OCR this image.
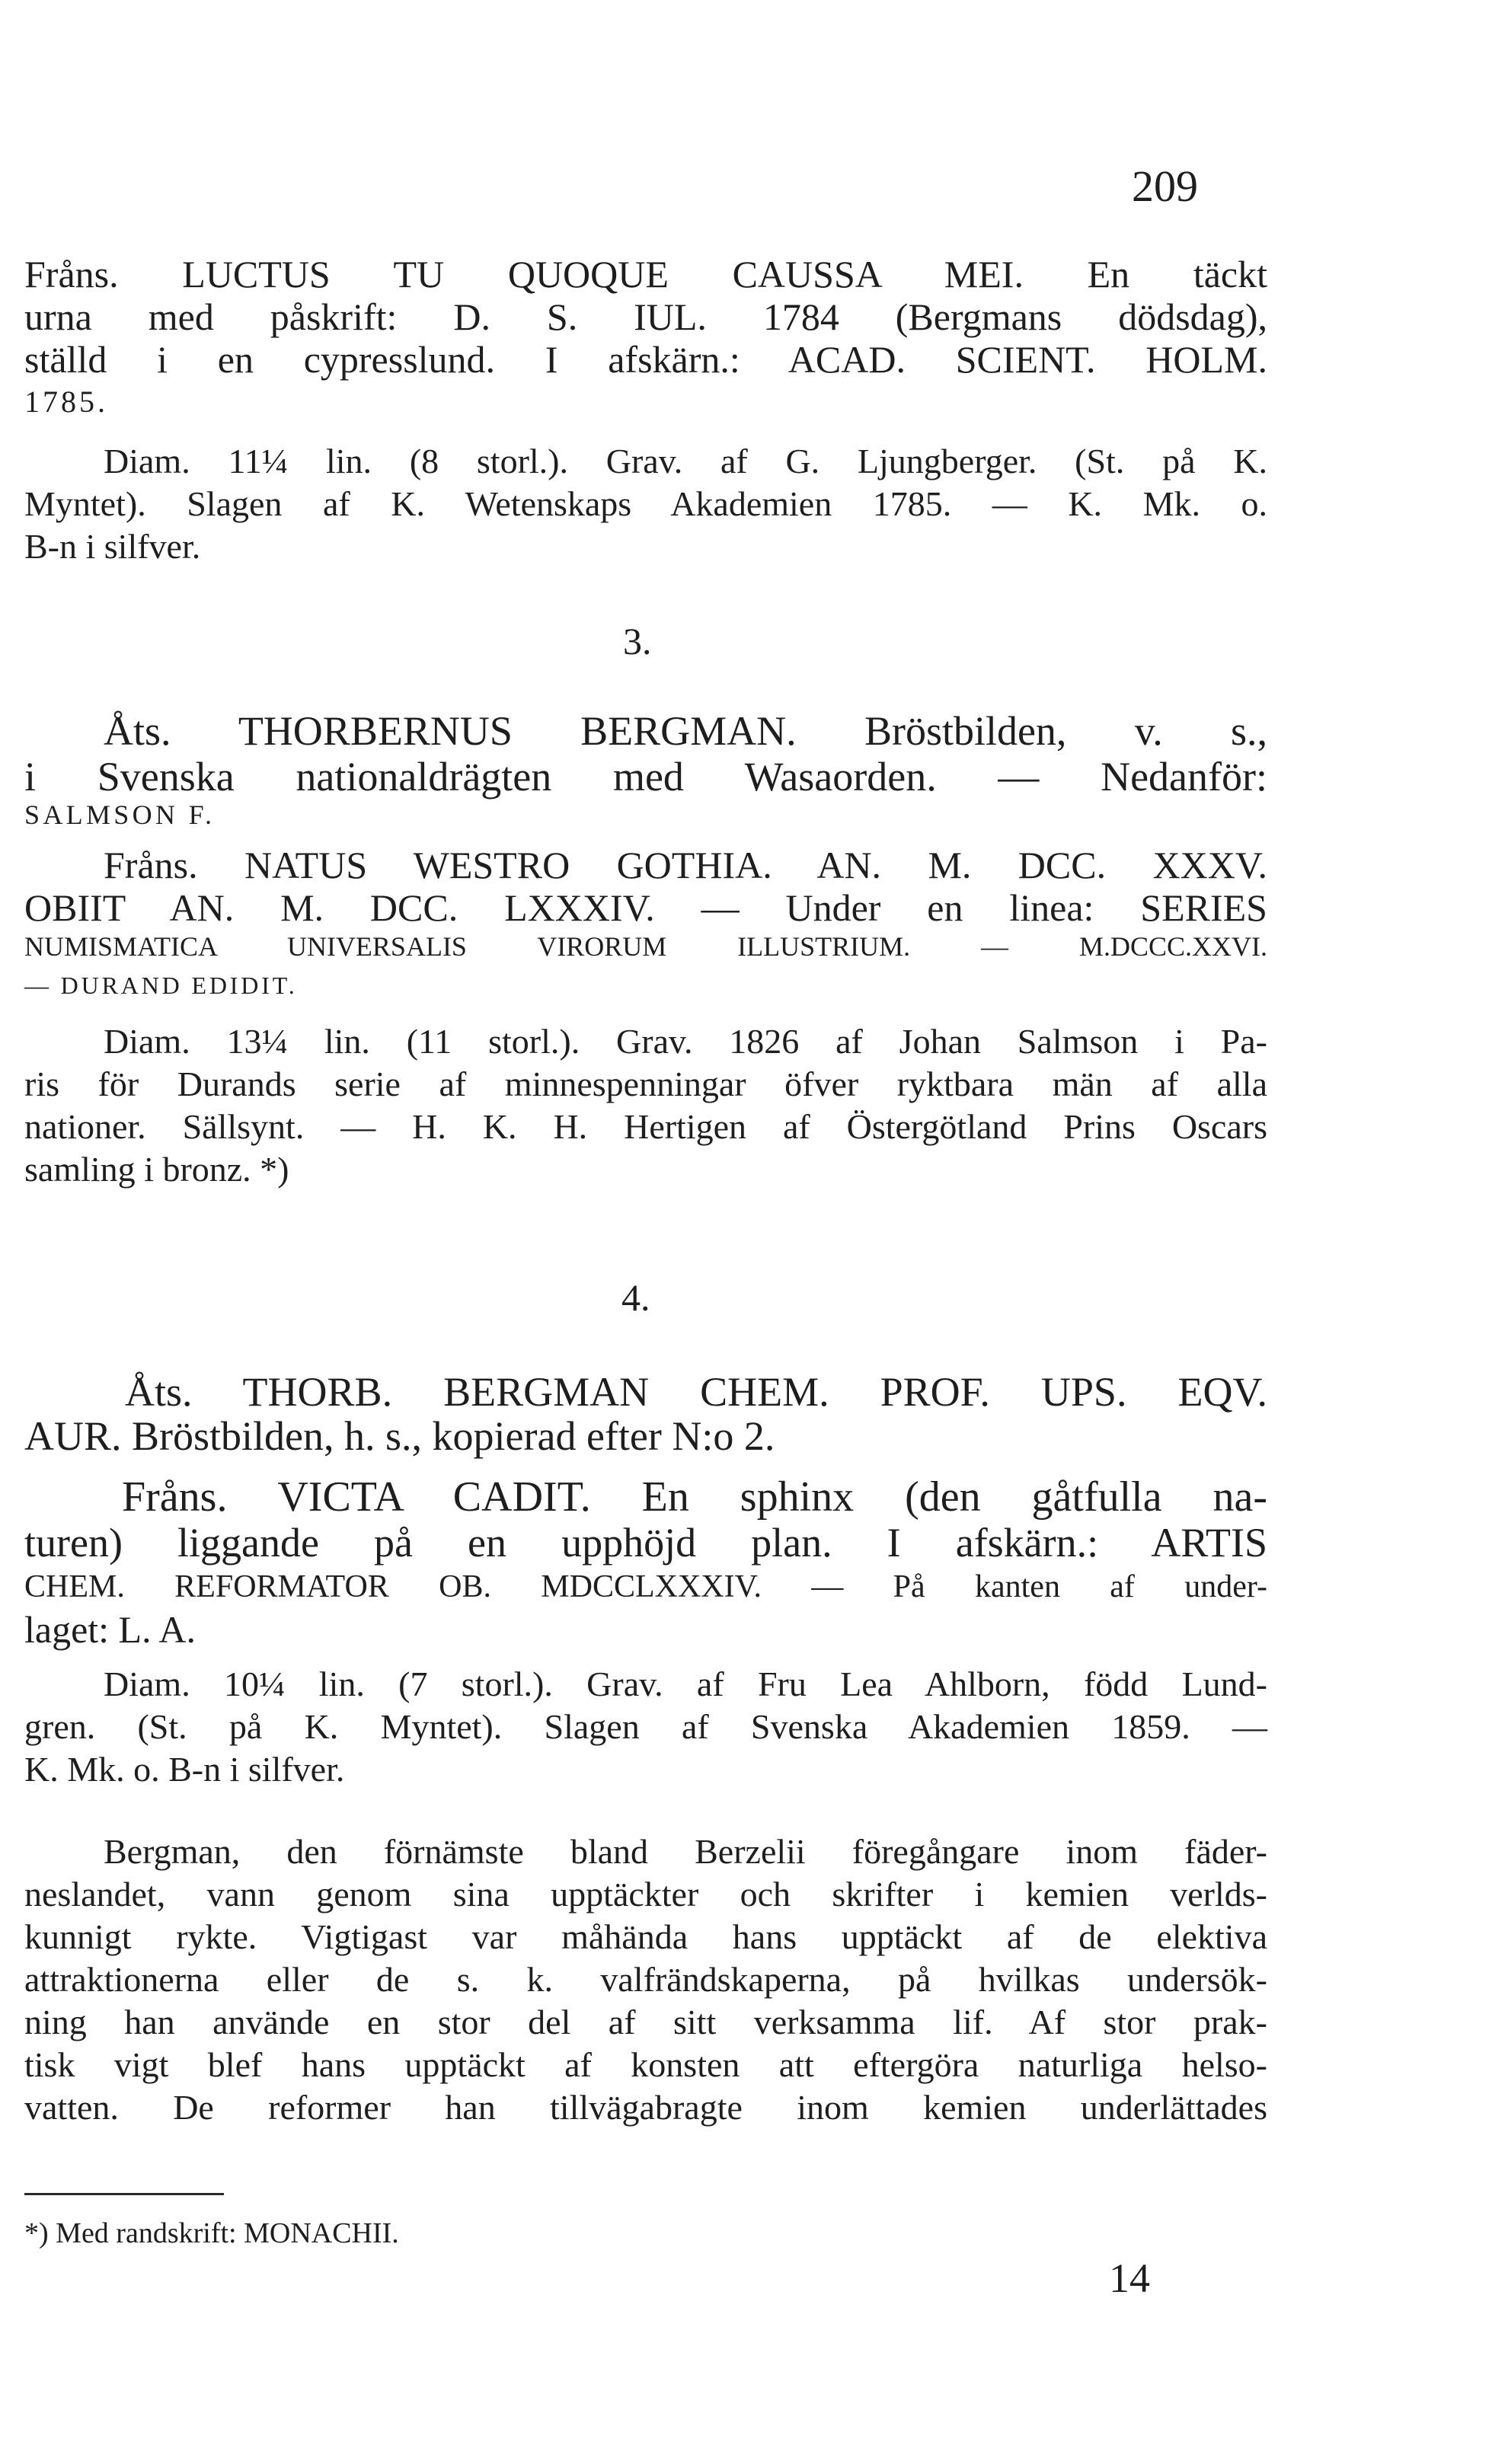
209
Fråns. LUCTUS TU QUOQUE CAUSSA MEI. En täckt
urna med påskrift: D. S. IUL. 1784 (Bergmans dödsdag),
ställd i en cypresslund. I afskärn.: ACAD. SCIENT. HOLM.
1785.
Diam. 11¼ lin. (8 storl.). Grav. af G. Ljungberger. (St. på K.
Myntet). Slagen af K. Wetenskaps Akademien 1785. — K. Mk. o.
B-n i silfver.
3.
Åts. THORBERNUS BERGMAN. Bröstbilden, v. s.,
i Svenska nationaldrägten med Wasaorden. — Nedanför:
SALMSON F.
Fråns. NATUS WESTRO GOTHIA. AN. M. DCC. XXXV.
OBIIT AN. M. DCC. LXXXIV. — Under en linea: SERIES
NUMISMATICA UNIVERSALIS VIRORUM ILLUSTRIUM. — M.DCCC.XXVI.
— DURAND EDIDIT.
Diam. 13¼ lin. (11 storl.). Grav. 1826 af Johan Salmson i Pa-
ris för Durands serie af minnespenningar öfver ryktbara män af alla
nationer. Sällsynt. — H. K. H. Hertigen af Östergötland Prins Oscars
samling i bronz. *)
4.
Åts. THORB. BERGMAN CHEM. PROF. UPS. EQV.
AUR. Bröstbilden, h. s., kopierad efter N:o 2.
Fråns. VICTA CADIT. En sphinx (den gåtfulla na-
turen) liggande på en upphöjd plan. I afskärn.: ARTIS
CHEM. REFORMATOR OB. MDCCLXXXIV. — På kanten af under-
laget: L. A.
Diam. 10¼ lin. (7 storl.). Grav. af Fru Lea Ahlborn, född Lund-
gren. (St. på K. Myntet). Slagen af Svenska Akademien 1859. —
K. Mk. o. B-n i silfver.
Bergman, den förnämste bland Berzelii föregångare inom fäder-
neslandet, vann genom sina upptäckter och skrifter i kemien verlds-
kunnigt rykte. Vigtigast var måhända hans upptäckt af de elektiva
attraktionerna eller de s. k. valfrändskaperna, på hvilkas undersök-
ning han använde en stor del af sitt verksamma lif. Af stor prak-
tisk vigt blef hans upptäckt af konsten att eftergöra naturliga helso-
vatten. De reformer han tillvägabragte inom kemien underlättades
*) Med randskrift: MONACHII.
14
